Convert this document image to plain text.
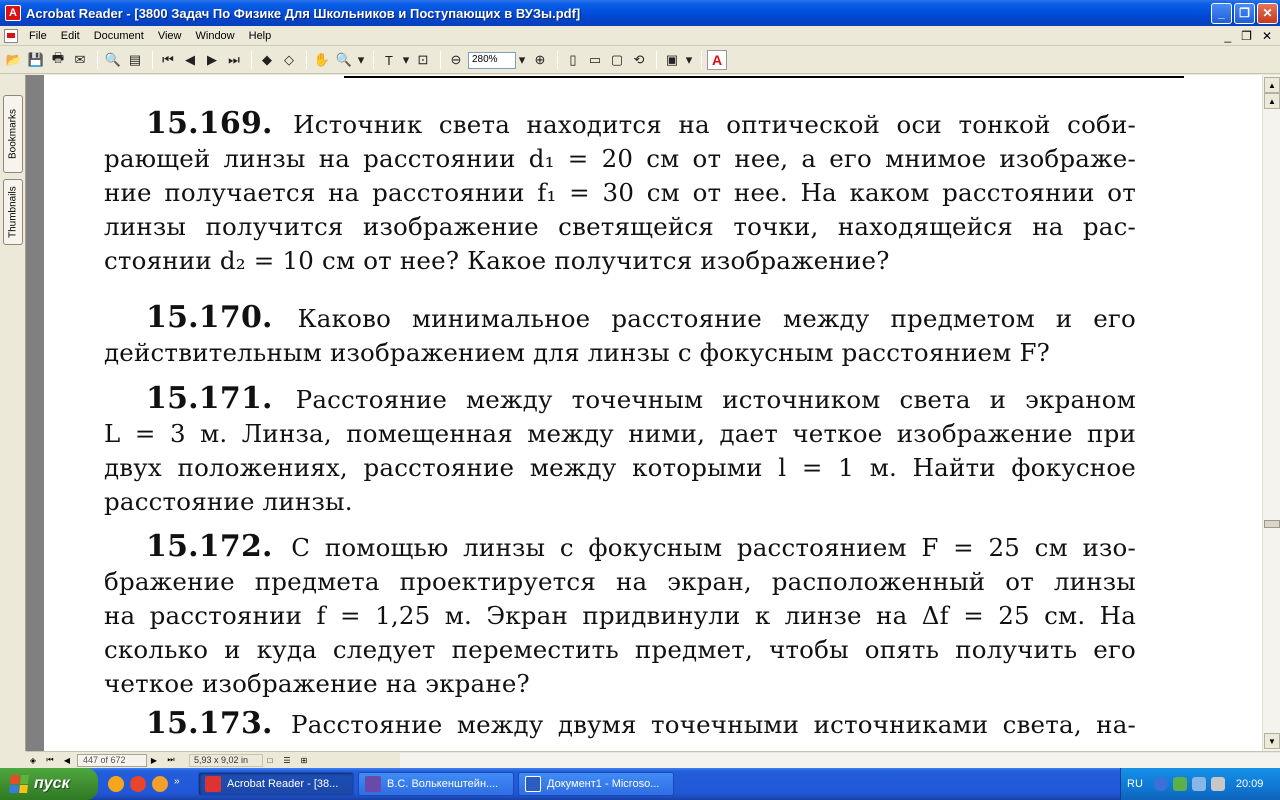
A Acrobat Reader - [3800 Задач По Физике Для Школьников и Поступающих в ВУЗы.pdf]	_	❐	✕
File	Edit	Document	View	Window	Help	_ ❐ ✕
📂 💾 🖶 ✉	🔍 ▤	⏮ ◀ ▶ ⏭	◆ ◇	✋ 🔍 ▾	T ▾ ⊡	⊖	280%	▾ ⊕	▯ ▭ ▢ ⟲	▣ ▾	A
Bookmarks
Thumbnails
15.169. Источник света находится на оптической оси тонкой соби-
рающей линзы на расстоянии d₁ = 20 см от нее, а его мнимое изображе-
ние получается на расстоянии f₁ = 30 см от нее. На каком расстоянии от
линзы получится изображение светящейся точки, находящейся на рас-
стоянии d₂ = 10 см от нее? Какое получится изображение?
15.170. Каково минимальное расстояние между предметом и его
действительным изображением для линзы с фокусным расстоянием F?
15.171. Расстояние между точечным источником света и экраном
L = 3 м. Линза, помещенная между ними, дает четкое изображение при
двух положениях, расстояние между которыми l = 1 м. Найти фокусное
расстояние линзы.
15.172. С помощью линзы с фокусным расстоянием F = 25 см изо-
бражение предмета проектируется на экран, расположенный от линзы
на расстоянии f = 1,25 м. Экран придвинули к линзе на Δf = 25 см. На
сколько и куда следует переместить предмет, чтобы опять получить его
четкое изображение на экране?
15.173. Расстояние между двумя точечными источниками света, на-
▲
▲
▼
◈	⏮	◀	447 of 672	▶	⏭	5,93 x 9,02 in	□	☰	⊞
пуск	»	Acrobat Reader - [38...	В.С. Волькенштейн....	Документ1 - Microso...	RU	20:09
